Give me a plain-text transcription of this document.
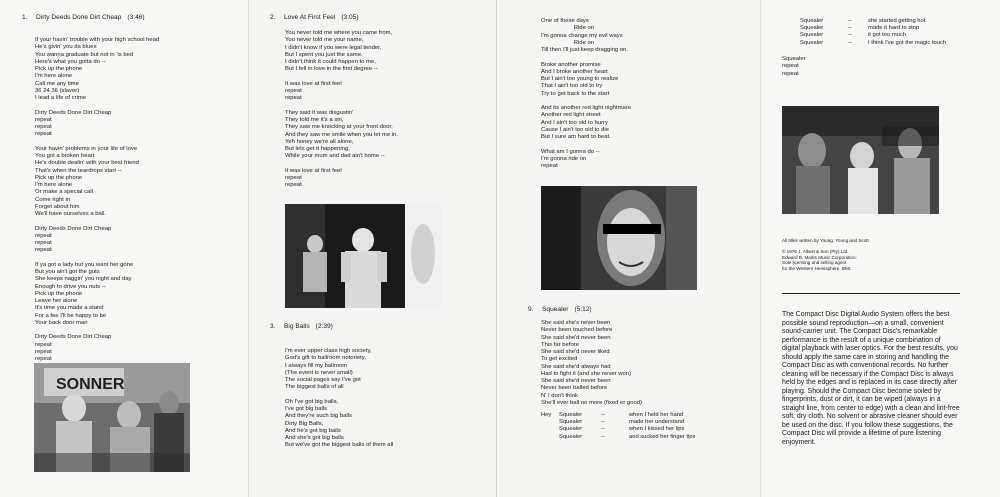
1. Dirty Deeds Done Dirt Cheap (3:46)
If your havin' trouble with your high school head
He's givin' you da blues
You wanna graduate but not in 'is bed
Here's what you gotta do --
Pick up the phone
I'm here alone
Call me any time
36 24 36 (slaver)
I lead a life of crime

Dirty Deeds Done Dirt Cheap
repeat
repeat
repeat

Your havin' problems in your life of love
You got a broken heart
He's double dealin' with your best friend
That's when the teardrops start --
Pick up the phone
I'm here alone
Or make a special call
Come right in
Forget about him
We'll have ourselves a ball.

Dirty Deeds Done Dirt Cheap
repeat
repeat
repeat

If ya got a lady but you want her gone
But you ain't got the guts
She keeps naggin' you night and day
Enough to drive you nuts --
Pick up the phone
Leave her alone
It's time you made a stand
For a fee I'll be happy to be
Your back door man

Dirty Deeds Done Dirt Cheap
repeat
repeat
repeat
SONNER
2. Love At First Feel (3:05)
You never told me where you came from,
You never told me your name,
I didn't know if you were legal tender,
But I spent you just the same.
I didn't think it could happen to me,
But I fell in love in the first degree --

It was love at first feel
repeat
repeat

They said it was disgustin'
They told me it's a sin,
They saw me knocking at your front door,
And they saw me smile when you let me in.
Yeh honey we're all alone,
But lets get it happening,
While your mum and dad ain't home --

It was love at first feel
repeat
repeat
3. Big Balls (2:39)
I'm ever upper class high society,
God's gift to ballroom notoriety,
I always fill my ballroom
(The event is never small)
The social pages say I've got
The biggest balls of all

Oh I've got big balls,
I've got big balls
And they're such big balls
Dirty Big Balls,
And he's got big balls
And she's got big balls
But we've got the biggest balls of them all
One of these days
Ride on
I'm gonna change my evil ways
Ride on
Till then I'll just keep dragging on.

Broke another promise
And I broke another heart
But I ain't too young to realize
That I ain't too old to try
Try to get back to the start

And its another red light nightmare
Another red light street
And I ain't too old to hurry
Cause I ain't too old to die
But I sure am hard to beat.

What am I gonna do --
I'm gonna ride on
repeat
9. Squealer (5:12)
She said she's never been
Never been touched before
She said she'd never been
This far before
She said she'd never liked
To get excited
She said she'd always had
Had to fight it (and she never won)
She said she'd never been
Never been balled before
N' I don't think
She'll ever ball no more (fixed er good)
Hey Squealer	--	when I held her hand
Squealer	--	made her understand
Squealer	--	when I kissed her lips
Squealer	--	and sucked her finger tips
Squealer	--	she started getting hot
Squealer	--	made it hard to stop
Squealer	--	it got too much
Squealer	--	I think I've got the magic touch
Squealer
repeat
repeat
All titles written by Young, Young and Scott

© 1976 J. Albert & Son (Pty) Ltd.
Edward B. Marks Music Corporation:
Sole licensing and selling agent
for the Western Hemisphere, BMI.
The Compact Disc Digital Audio System offers the best possible sound reproduction—on a small, convenient sound-carrier unit. The Compact Disc's remarkable performance is the result of a unique combination of digital playback with laser optics. For the best results, you should apply the same care in storing and handling the Compact Disc as with conventional records. No further cleaning will be necessary if the Compact Disc is always held by the edges and is replaced in its case directly after playing. Should the Compact Disc become soiled by fingerprints, dust or dirt, it can be wiped (always in a straight line, from center to edge) with a clean and lint-free soft, dry cloth. No solvent or abrasive cleaner should ever be used on the disc. If you follow these suggestions, the Compact Disc will provide a lifetime of pure listening enjoyment.
